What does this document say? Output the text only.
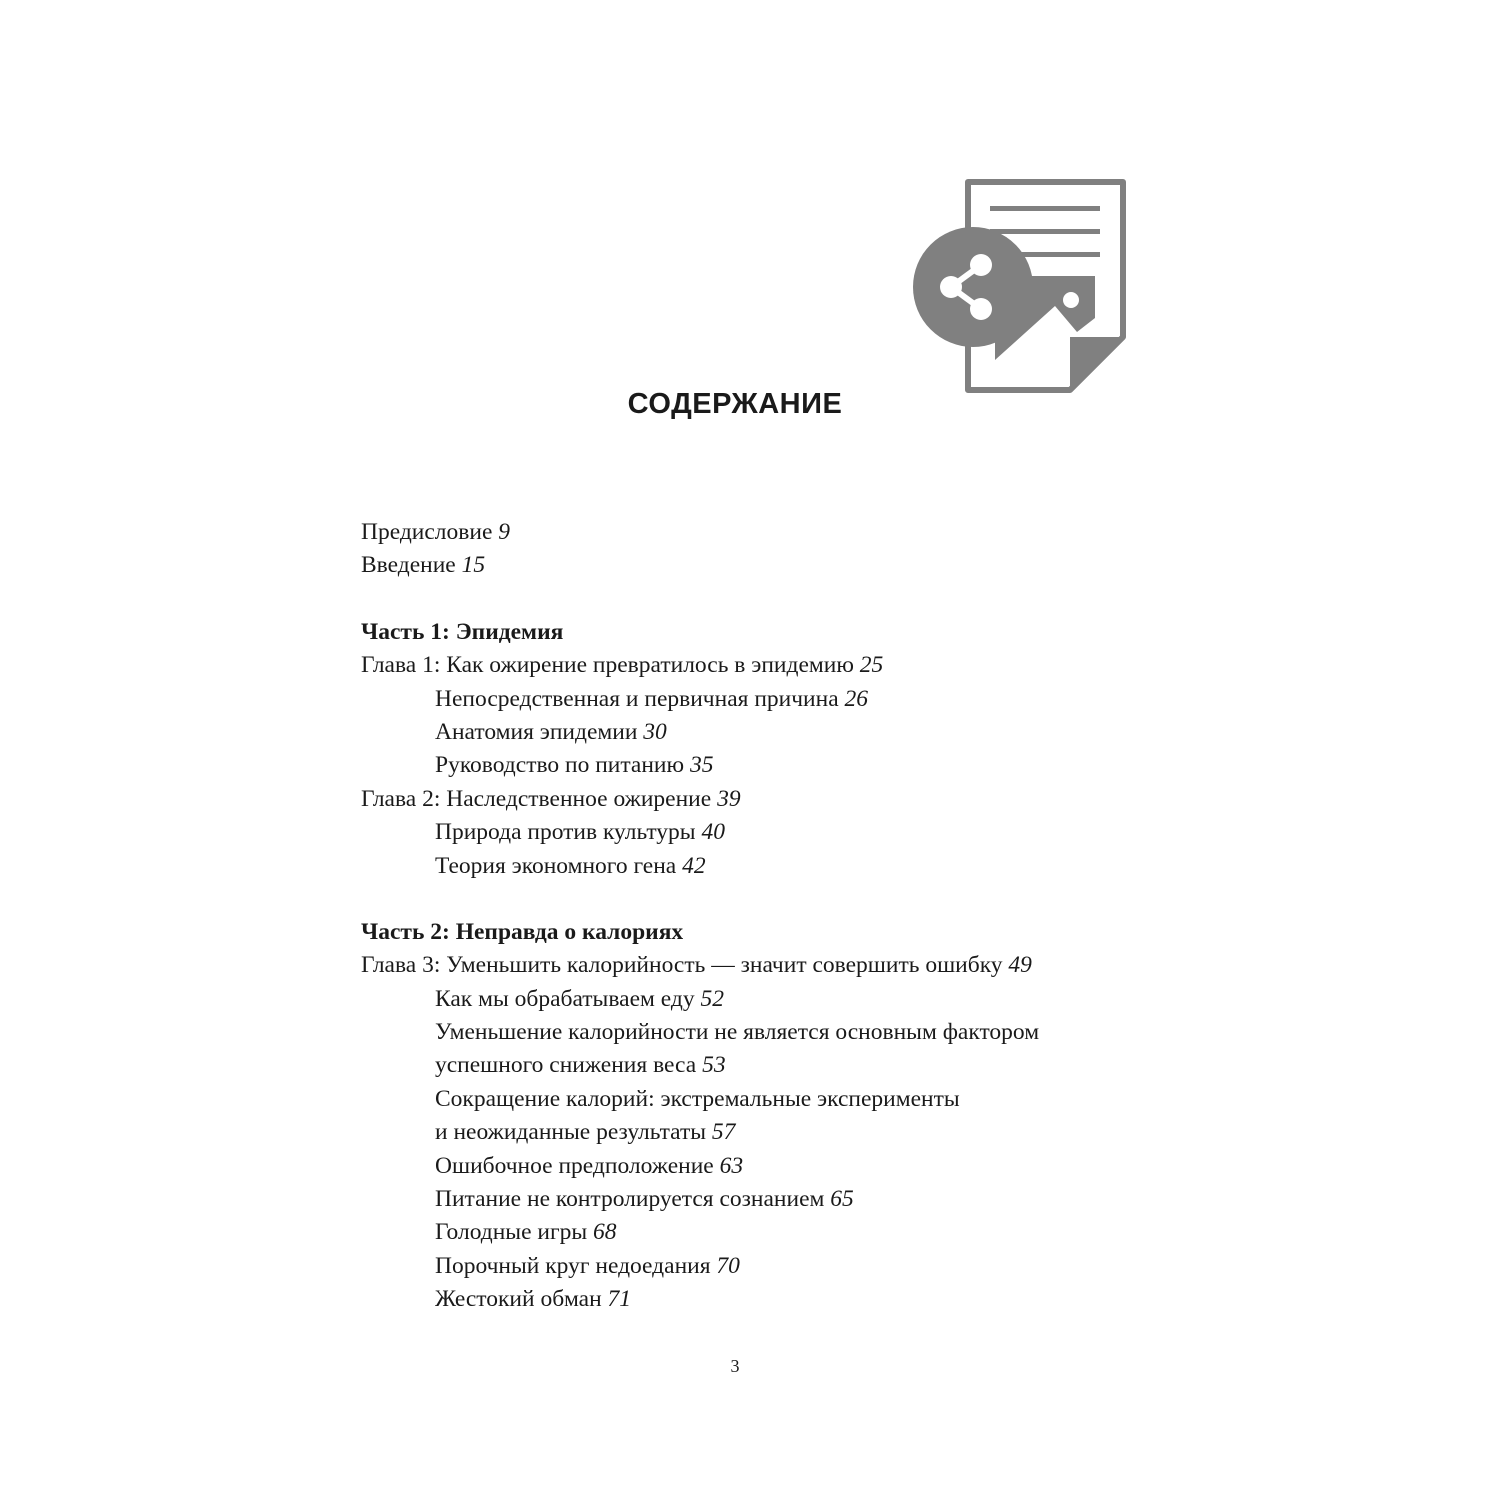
СОДЕРЖАНИЕ
Предисловие 9
Введение 15
Часть 1: Эпидемия
Глава 1: Как ожирение превратилось в эпидемию 25
Непосредственная и первичная причина 26
Анатомия эпидемии 30
Руководство по питанию 35
Глава 2: Наследственное ожирение 39
Природа против культуры 40
Теория экономного гена 42
Часть 2: Неправда о калориях
Глава 3: Уменьшить калорийность — значит совершить ошибку 49
Как мы обрабатываем еду 52
Уменьшение калорийности не является основным фактором
успешного снижения веса 53
Сокращение калорий: экстремальные эксперименты
и неожиданные результаты 57
Ошибочное предположение 63
Питание не контролируется сознанием 65
Голодные игры 68
Порочный круг недоедания 70
Жестокий обман 71
3
